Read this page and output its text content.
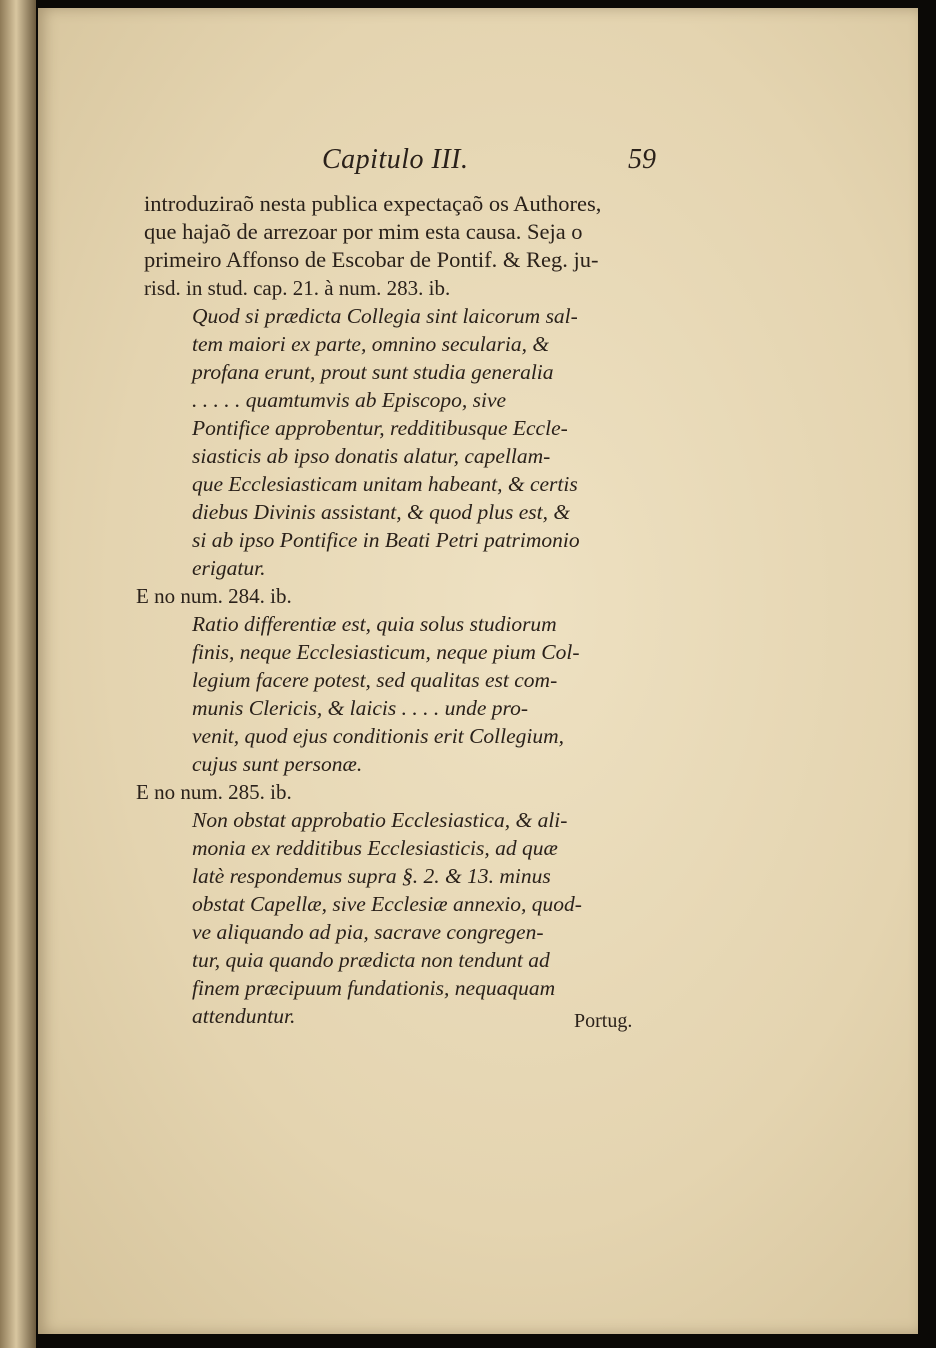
Capitulo III.	59
introduziraõ nesta publica expectaçaõ os Authores,
que hajaõ de arrezoar por mim esta causa. Seja o
primeiro Affonso de Escobar de Pontif. & Reg. ju-
risd. in stud. cap. 21. à num. 283. ib.
Quod si prædicta Collegia sint laicorum sal-
tem maiori ex parte, omnino secularia, &
profana erunt, prout sunt studia generalia
. . . . . quamtumvis ab Episcopo, sive
Pontifice approbentur, redditibusque Eccle-
siasticis ab ipso donatis alatur, capellam-
que Ecclesiasticam unitam habeant, & certis
diebus Divinis assistant, & quod plus est, &
si ab ipso Pontifice in Beati Petri patrimonio
erigatur.
E no num. 284. ib.
Ratio differentiæ est, quia solus studiorum
finis, neque Ecclesiasticum, neque pium Col-
legium facere potest, sed qualitas est com-
munis Clericis, & laicis . . . . unde pro-
venit, quod ejus conditionis erit Collegium,
cujus sunt personæ.
E no num. 285. ib.
Non obstat approbatio Ecclesiastica, & ali-
monia ex redditibus Ecclesiasticis, ad quæ
latè respondemus supra §. 2. & 13. minus
obstat Capellæ, sive Ecclesiæ annexio, quod-
ve aliquando ad pia, sacrave congregen-
tur, quia quando prædicta non tendunt ad
finem præcipuum fundationis, nequaquam
attenduntur.	Portug.
